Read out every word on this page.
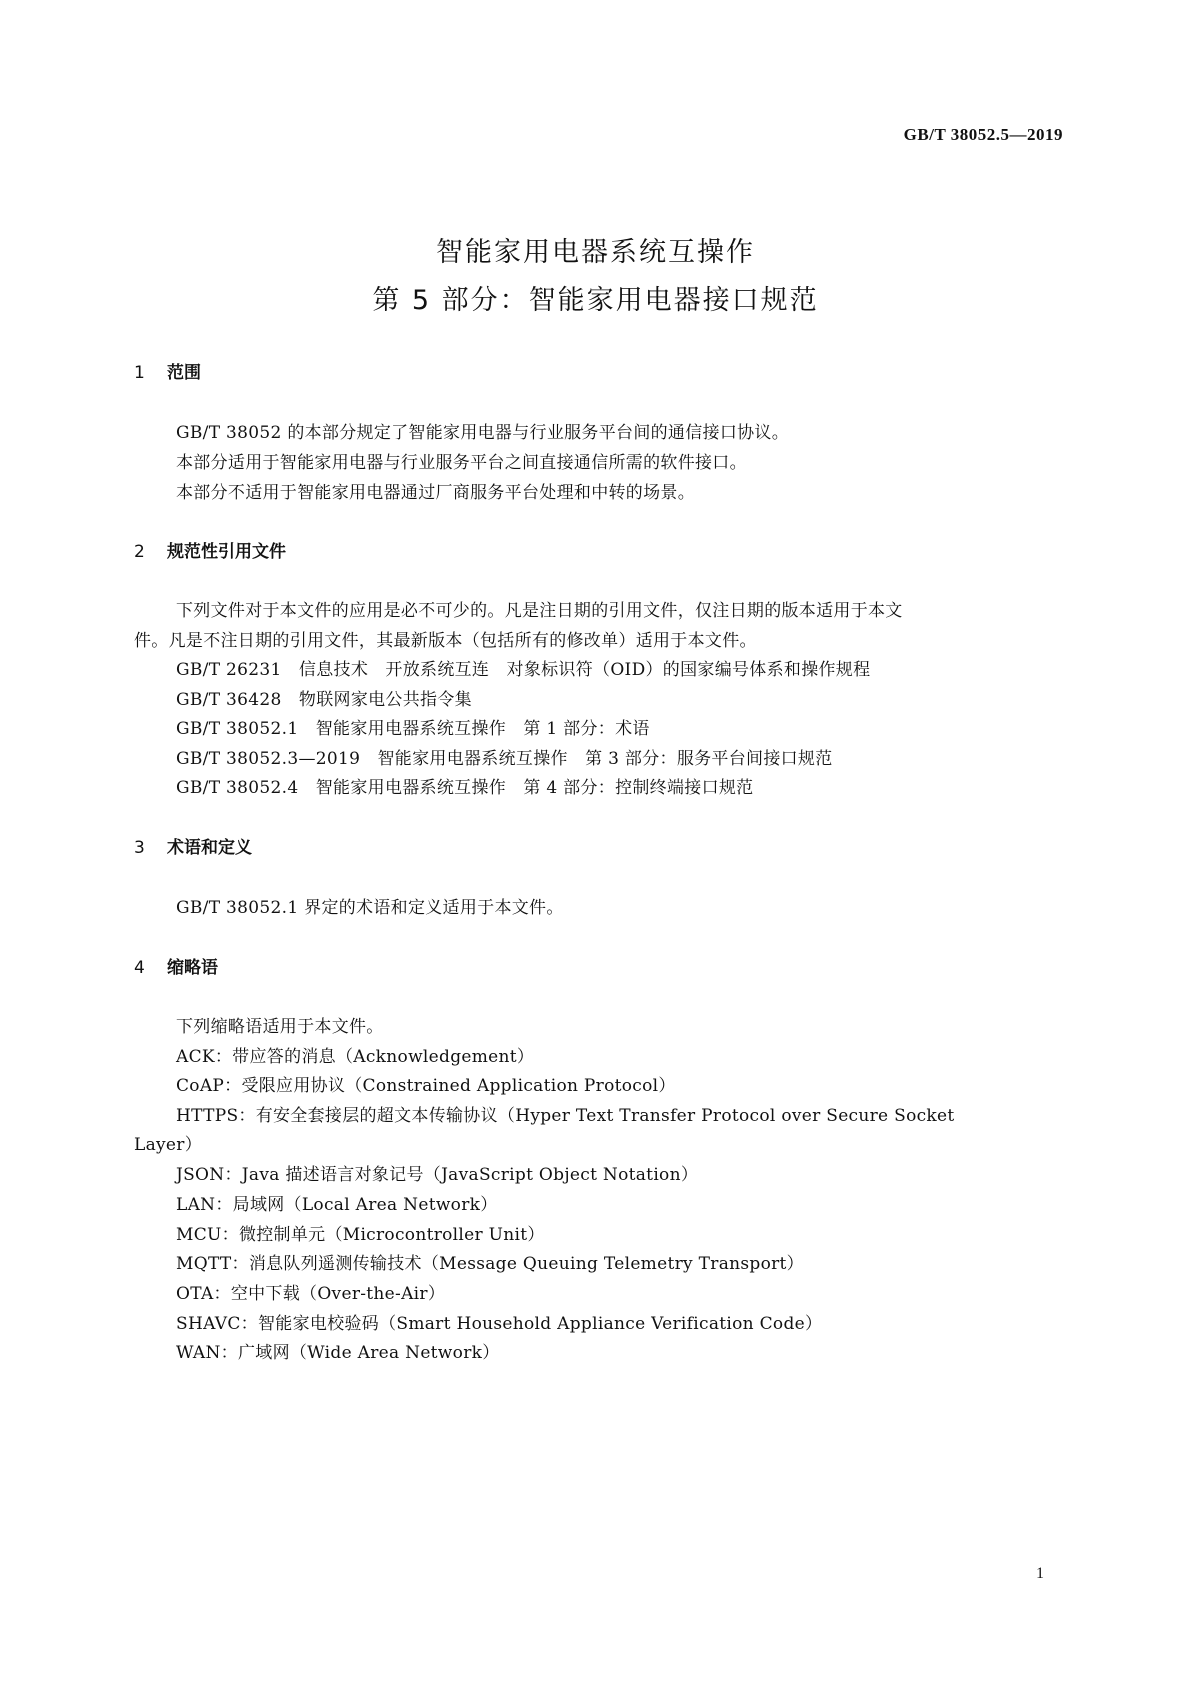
GB/T 38052.5—2019
智能家用电器系统互操作
第 5 部分：智能家用电器接口规范
1 范围
GB/T 38052 的本部分规定了智能家用电器与行业服务平台间的通信接口协议。
本部分适用于智能家用电器与行业服务平台之间直接通信所需的软件接口。
本部分不适用于智能家用电器通过厂商服务平台处理和中转的场景。
2 规范性引用文件
下列文件对于本文件的应用是必不可少的。凡是注日期的引用文件，仅注日期的版本适用于本文
件。凡是不注日期的引用文件，其最新版本（包括所有的修改单）适用于本文件。
GB/T 26231　信息技术　开放系统互连　对象标识符（OID）的国家编号体系和操作规程
GB/T 36428　物联网家电公共指令集
GB/T 38052.1　智能家用电器系统互操作　第 1 部分：术语
GB/T 38052.3—2019　智能家用电器系统互操作　第 3 部分：服务平台间接口规范
GB/T 38052.4　智能家用电器系统互操作　第 4 部分：控制终端接口规范
3 术语和定义
GB/T 38052.1 界定的术语和定义适用于本文件。
4 缩略语
下列缩略语适用于本文件。
ACK：带应答的消息（Acknowledgement）
CoAP：受限应用协议（Constrained Application Protocol）
HTTPS：有安全套接层的超文本传输协议（Hyper Text Transfer Protocol over Secure Socket
Layer）
JSON：Java 描述语言对象记号（JavaScript Object Notation）
LAN：局域网（Local Area Network）
MCU：微控制单元（Microcontroller Unit）
MQTT：消息队列遥测传输技术（Message Queuing Telemetry Transport）
OTA：空中下载（Over-the-Air）
SHAVC：智能家电校验码（Smart Household Appliance Verification Code）
WAN：广域网（Wide Area Network）
1
